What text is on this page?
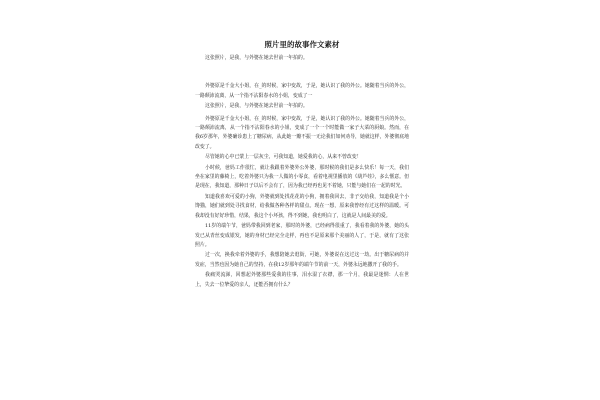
照片里的故事作文素材
这张照片，是我，与外婆在她去世前一年拍的。
外婆原是千金大小姐，在_的时候，家中变故，于是，她认识了我的外公。她随着当兵的外公，一路颠沛流离，从一个指不沾阳春水的小姐，变成了一
这张照片，是我，与外婆在她去世前一年拍的。
外婆原是千金大小姐，在_的时候，家中变故，于是，她认识了我的外公。她随着当兵的外公，一路颠沛流离，从一个指不沾阳春水的小姐，变成了一个一个时能做一家子大菜的厨娘。然而，在我6岁那年，外婆确诊患上了糖尿病，从此她一瓣不振一无论我们如何劝导，她就这样，外婆彻底地改变了。
尽管她的心中已蒙上一层灰尘，可我知道，她爱我的心，从来不曾改变！
小时候，爸妈工作很忙，就让我跟着外婆外公外婆，那时候的我们是多么快乐！每一天，我们坐在家里的藤椅上，吃着外婆只为我一人做的小零食，看着电视里播放的《葫芦娃》，多么惬意。但是现在，我知道，那种日子以后不会有了，因为我已经再也见不着她，只能与她们在一起的时光。
知道我喜欢可爱的小狗，外婆就到处找花花的小狗，拥着我回去，非子交给我，知道我是个小馋猫，她们就到处寻找食材，给我做各种各样的甜点。现在一想，原来我曾经有过这样的温暖。可我却没有好好珍惜，结果，我这个小坏孩，得不到她，我也明白了，这就是人间最美的爱。
11岁的端午节，爸妈带我回到老家，那时的外婆，已经病得很重了，我看着我的外婆，她的头发已从青丝变成银发，她的身材已经完全走样，再也不是原来那个美丽的人了，于是，就有了这张照片。
过一次，换我牵着外婆的手，我想陪她去逛街，可她，外婆说在这过这一劫。出于糖尿病的并发症，当然也因为她自己的坚持，在我12岁那年的端午节的前一天，外婆永远地撒开了我的手。
我痛哭流涕，回想起外婆那些爱我的往事，泪水湿了衣襟，那一个月，我最是迷惘：人在世上，失去一位挚爱的亲人，还能否拥有什么？
